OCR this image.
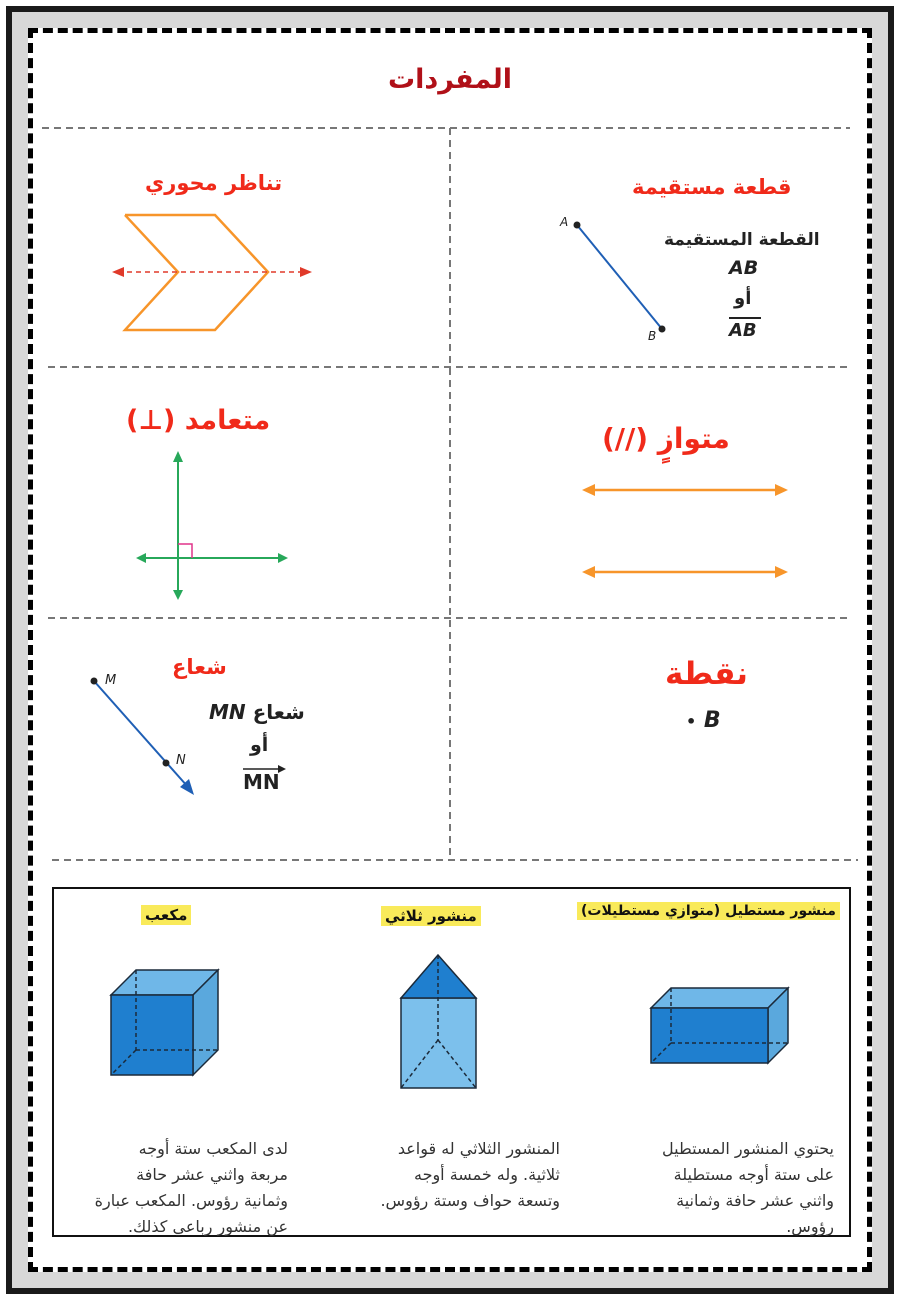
المفردات
تناظر محوري	قطعة مستقيمة
A
B
القطعة المستقيمة
AB
أو
AB
متعامد (⊥)
متوازٍ (//)
شعاع
M
N
MN شعاع
أو
MN
نقطة
• B
منشور مستطيل (متوازي مستطيلات)
منشور ثلاثي
مكعب
يحتوي المنشور المستطيل
على ستة أوجه مستطيلة
واثني عشر حافة وثمانية
رؤوس.
المنشور الثلاثي له قواعد
ثلاثية. وله خمسة أوجه
وتسعة حواف وستة رؤوس.
لدى المكعب ستة أوجه
مربعة واثني عشر حافة
وثمانية رؤوس. المكعب عبارة
عن منشور رباعي كذلك.
